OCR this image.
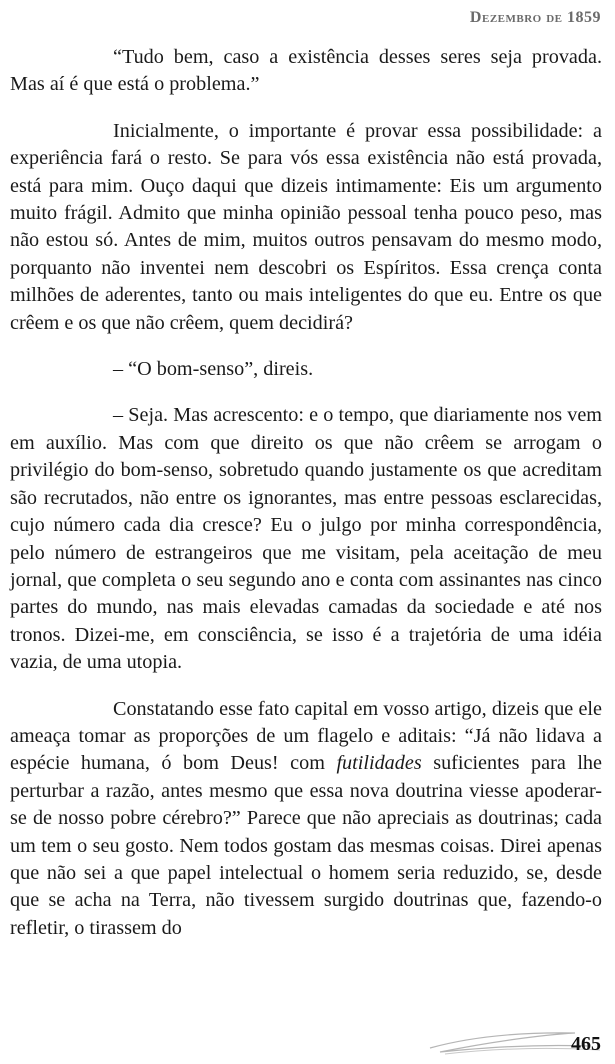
Dezembro de 1859

“Tudo bem, caso a existência desses seres seja provada. Mas aí é que está o problema.”

Inicialmente, o importante é provar essa possibilidade: a experiência fará o resto. Se para vós essa existência não está provada, está para mim. Ouço daqui que dizeis intimamente: Eis um argumento muito frágil. Admito que minha opinião pessoal tenha pouco peso, mas não estou só. Antes de mim, muitos outros pensavam do mesmo modo, porquanto não inventei nem descobri os Espíritos. Essa crença conta milhões de aderentes, tanto ou mais inteligentes do que eu. Entre os que crêem e os que não crêem, quem decidirá?

– “O bom-senso”, direis.

– Seja. Mas acrescento: e o tempo, que diariamente nos vem em auxílio. Mas com que direito os que não crêem se arrogam o privilégio do bom-senso, sobretudo quando justamente os que acreditam são recrutados, não entre os ignorantes, mas entre pessoas esclarecidas, cujo número cada dia cresce? Eu o julgo por minha correspondência, pelo número de estrangeiros que me visitam, pela aceitação de meu jornal, que completa o seu segundo ano e conta com assinantes nas cinco partes do mundo, nas mais elevadas camadas da sociedade e até nos tronos. Dizei-me, em consciência, se isso é a trajetória de uma idéia vazia, de uma utopia.

Constatando esse fato capital em vosso artigo, dizeis que ele ameaça tomar as proporções de um flagelo e aditais: “Já não lidava a espécie humana, ó bom Deus! com futilidades suficientes para lhe perturbar a razão, antes mesmo que essa nova doutrina viesse apoderar-se de nosso pobre cérebro?” Parece que não apreciais as doutrinas; cada um tem o seu gosto. Nem todos gostam das mesmas coisas. Direi apenas que não sei a que papel intelectual o homem seria reduzido, se, desde que se acha na Terra, não tivessem surgido doutrinas que, fazendo-o refletir, o tirassem do

465
